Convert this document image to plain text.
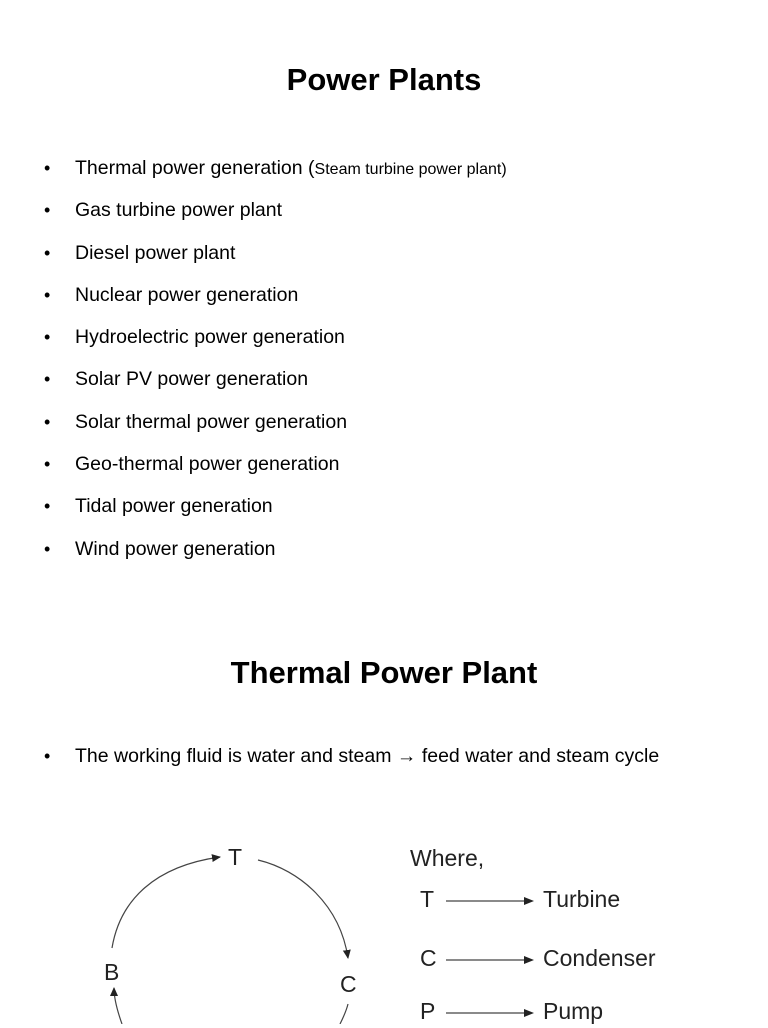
Power Plants
• Thermal power generation (Steam turbine power plant)
• Gas turbine power plant
• Diesel power plant
• Nuclear power generation
• Hydroelectric power generation
• Solar PV power generation
• Solar thermal power generation
• Geo-thermal power generation
• Tidal power generation
• Wind power generation
Thermal Power Plant
• The working fluid is water and steam → feed water and steam cycle
T
B	C
Where,
T	Turbine
C	Condenser
P	Pump
